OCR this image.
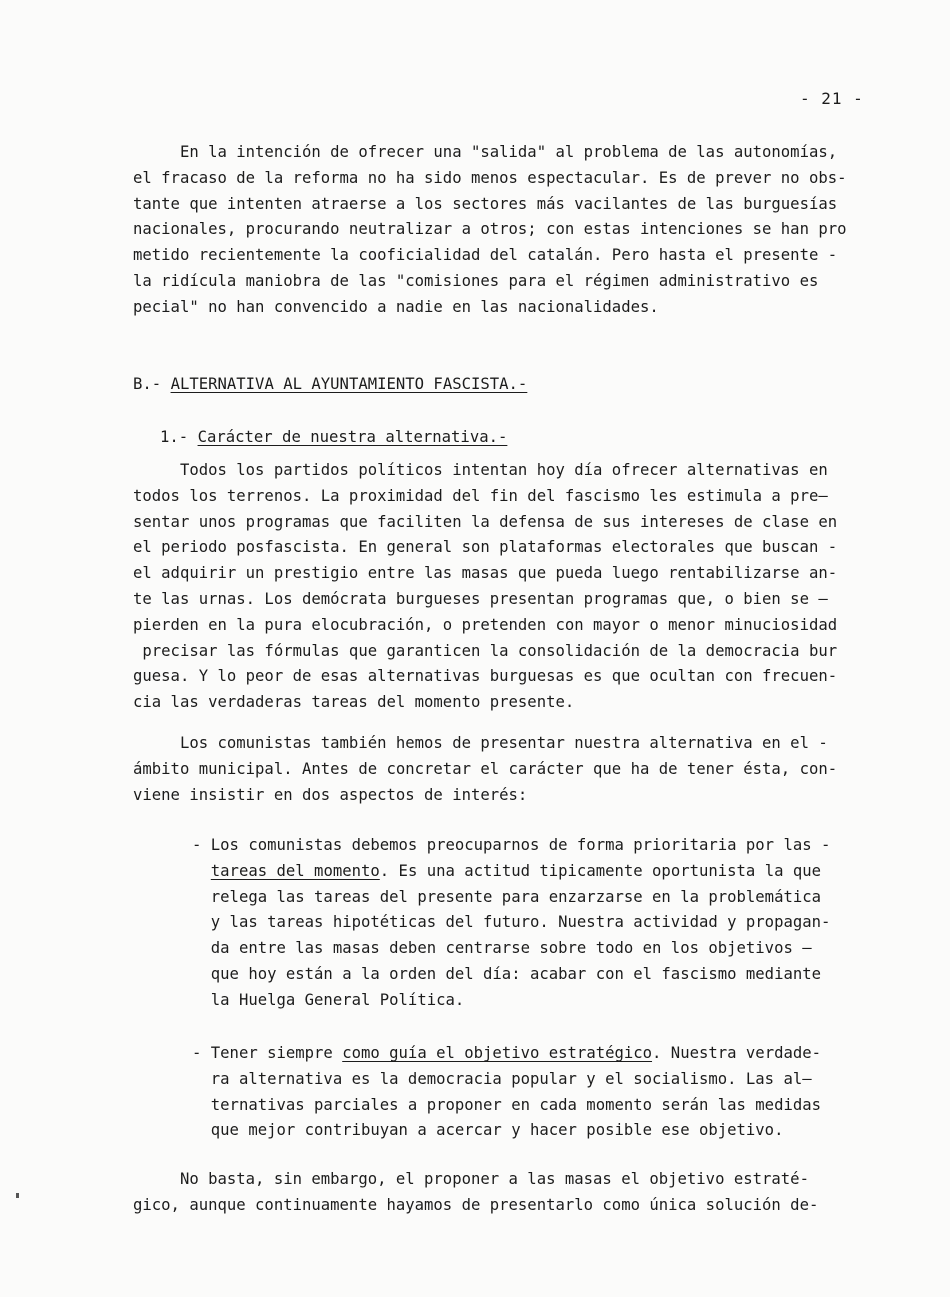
- 21 -
En la intención de ofrecer una "salida" al problema de las autonomías,
el fracaso de la reforma no ha sido menos espectacular. Es de prever no obs-
tante que intenten atraerse a los sectores más vacilantes de las burguesías
nacionales, procurando neutralizar a otros; con estas intenciones se han pro
metido recientemente la cooficialidad del catalán. Pero hasta el presente -
la ridícula maniobra de las "comisiones para el régimen administrativo es
pecial" no han convencido a nadie en las nacionalidades.
B.- ALTERNATIVA AL AYUNTAMIENTO FASCISTA.-
1.- Carácter de nuestra alternativa.-
Todos los partidos políticos intentan hoy día ofrecer alternativas en
todos los terrenos. La proximidad del fin del fascismo les estimula a pre—
sentar unos programas que faciliten la defensa de sus intereses de clase en
el periodo posfascista. En general son plataformas electorales que buscan -
el adquirir un prestigio entre las masas que pueda luego rentabilizarse an-
te las urnas. Los demócrata burgueses presentan programas que, o bien se —
pierden en la pura elocubración, o pretenden con mayor o menor minuciosidad
precisar las fórmulas que garanticen la consolidación de la democracia bur
guesa. Y lo peor de esas alternativas burguesas es que ocultan con frecuen-
cia las verdaderas tareas del momento presente.
Los comunistas también hemos de presentar nuestra alternativa en el -
ámbito municipal. Antes de concretar el carácter que ha de tener ésta, con-
viene insistir en dos aspectos de interés:
- Los comunistas debemos preocuparnos de forma prioritaria por las -
tareas del momento. Es una actitud tipicamente oportunista la que
relega las tareas del presente para enzarzarse en la problemática
y las tareas hipotéticas del futuro. Nuestra actividad y propagan-
da entre las masas deben centrarse sobre todo en los objetivos —
que hoy están a la orden del día: acabar con el fascismo mediante
la Huelga General Política.
- Tener siempre como guía el objetivo estratégico. Nuestra verdade-
ra alternativa es la democracia popular y el socialismo. Las al—
ternativas parciales a proponer en cada momento serán las medidas
que mejor contribuyan a acercar y hacer posible ese objetivo.
No basta, sin embargo, el proponer a las masas el objetivo estraté-
gico, aunque continuamente hayamos de presentarlo como única solución de-
